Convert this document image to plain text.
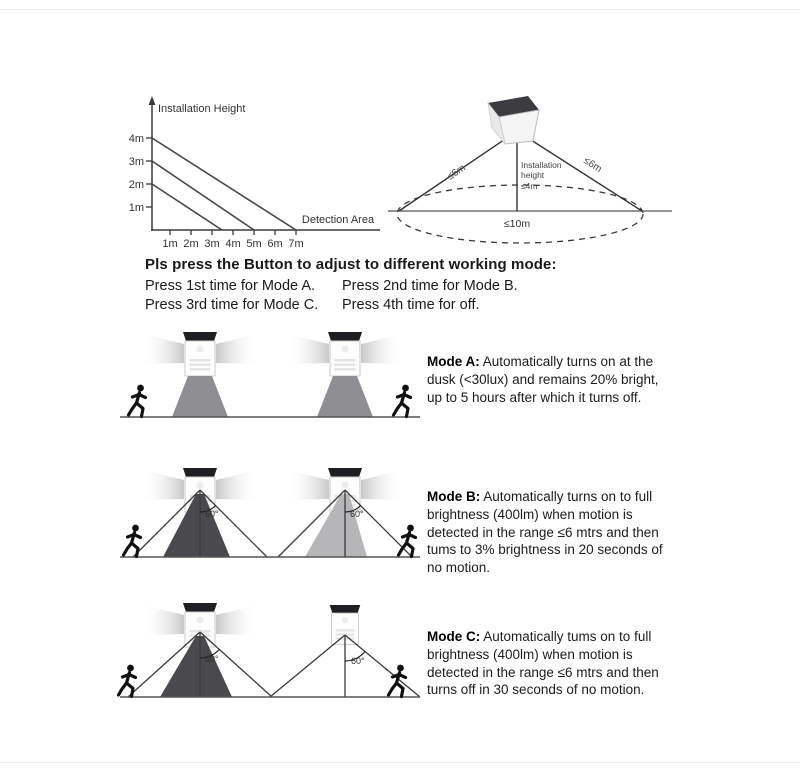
Installation Height
Detection Area
4m
3m
2m
1m
1m 2m 3m 4m 5m 6m 7m
≤6m	≤6m
Installation
height
≤4m
≤10m
60°	60°
60°	60°
Pls press the Button to adjust to different working mode:
Press 1st time for Mode A.	Press 2nd time for Mode B.
Press 3rd time for Mode C.	Press 4th time for off.
Mode A: Automatically turns on at the dusk (<30lux) and remains 20% bright, up to 5 hours after which it turns off.
Mode B: Automatically turns on to full brightness (400lm) when motion is detected in the range ≤6 mtrs and then tums to 3% brightness in 20 seconds of no motion.
Mode C: Automatically tums on to full brightness (400lm) when motion is detected in the range ≤6 mtrs and then turns off in 30 seconds of no motion.
